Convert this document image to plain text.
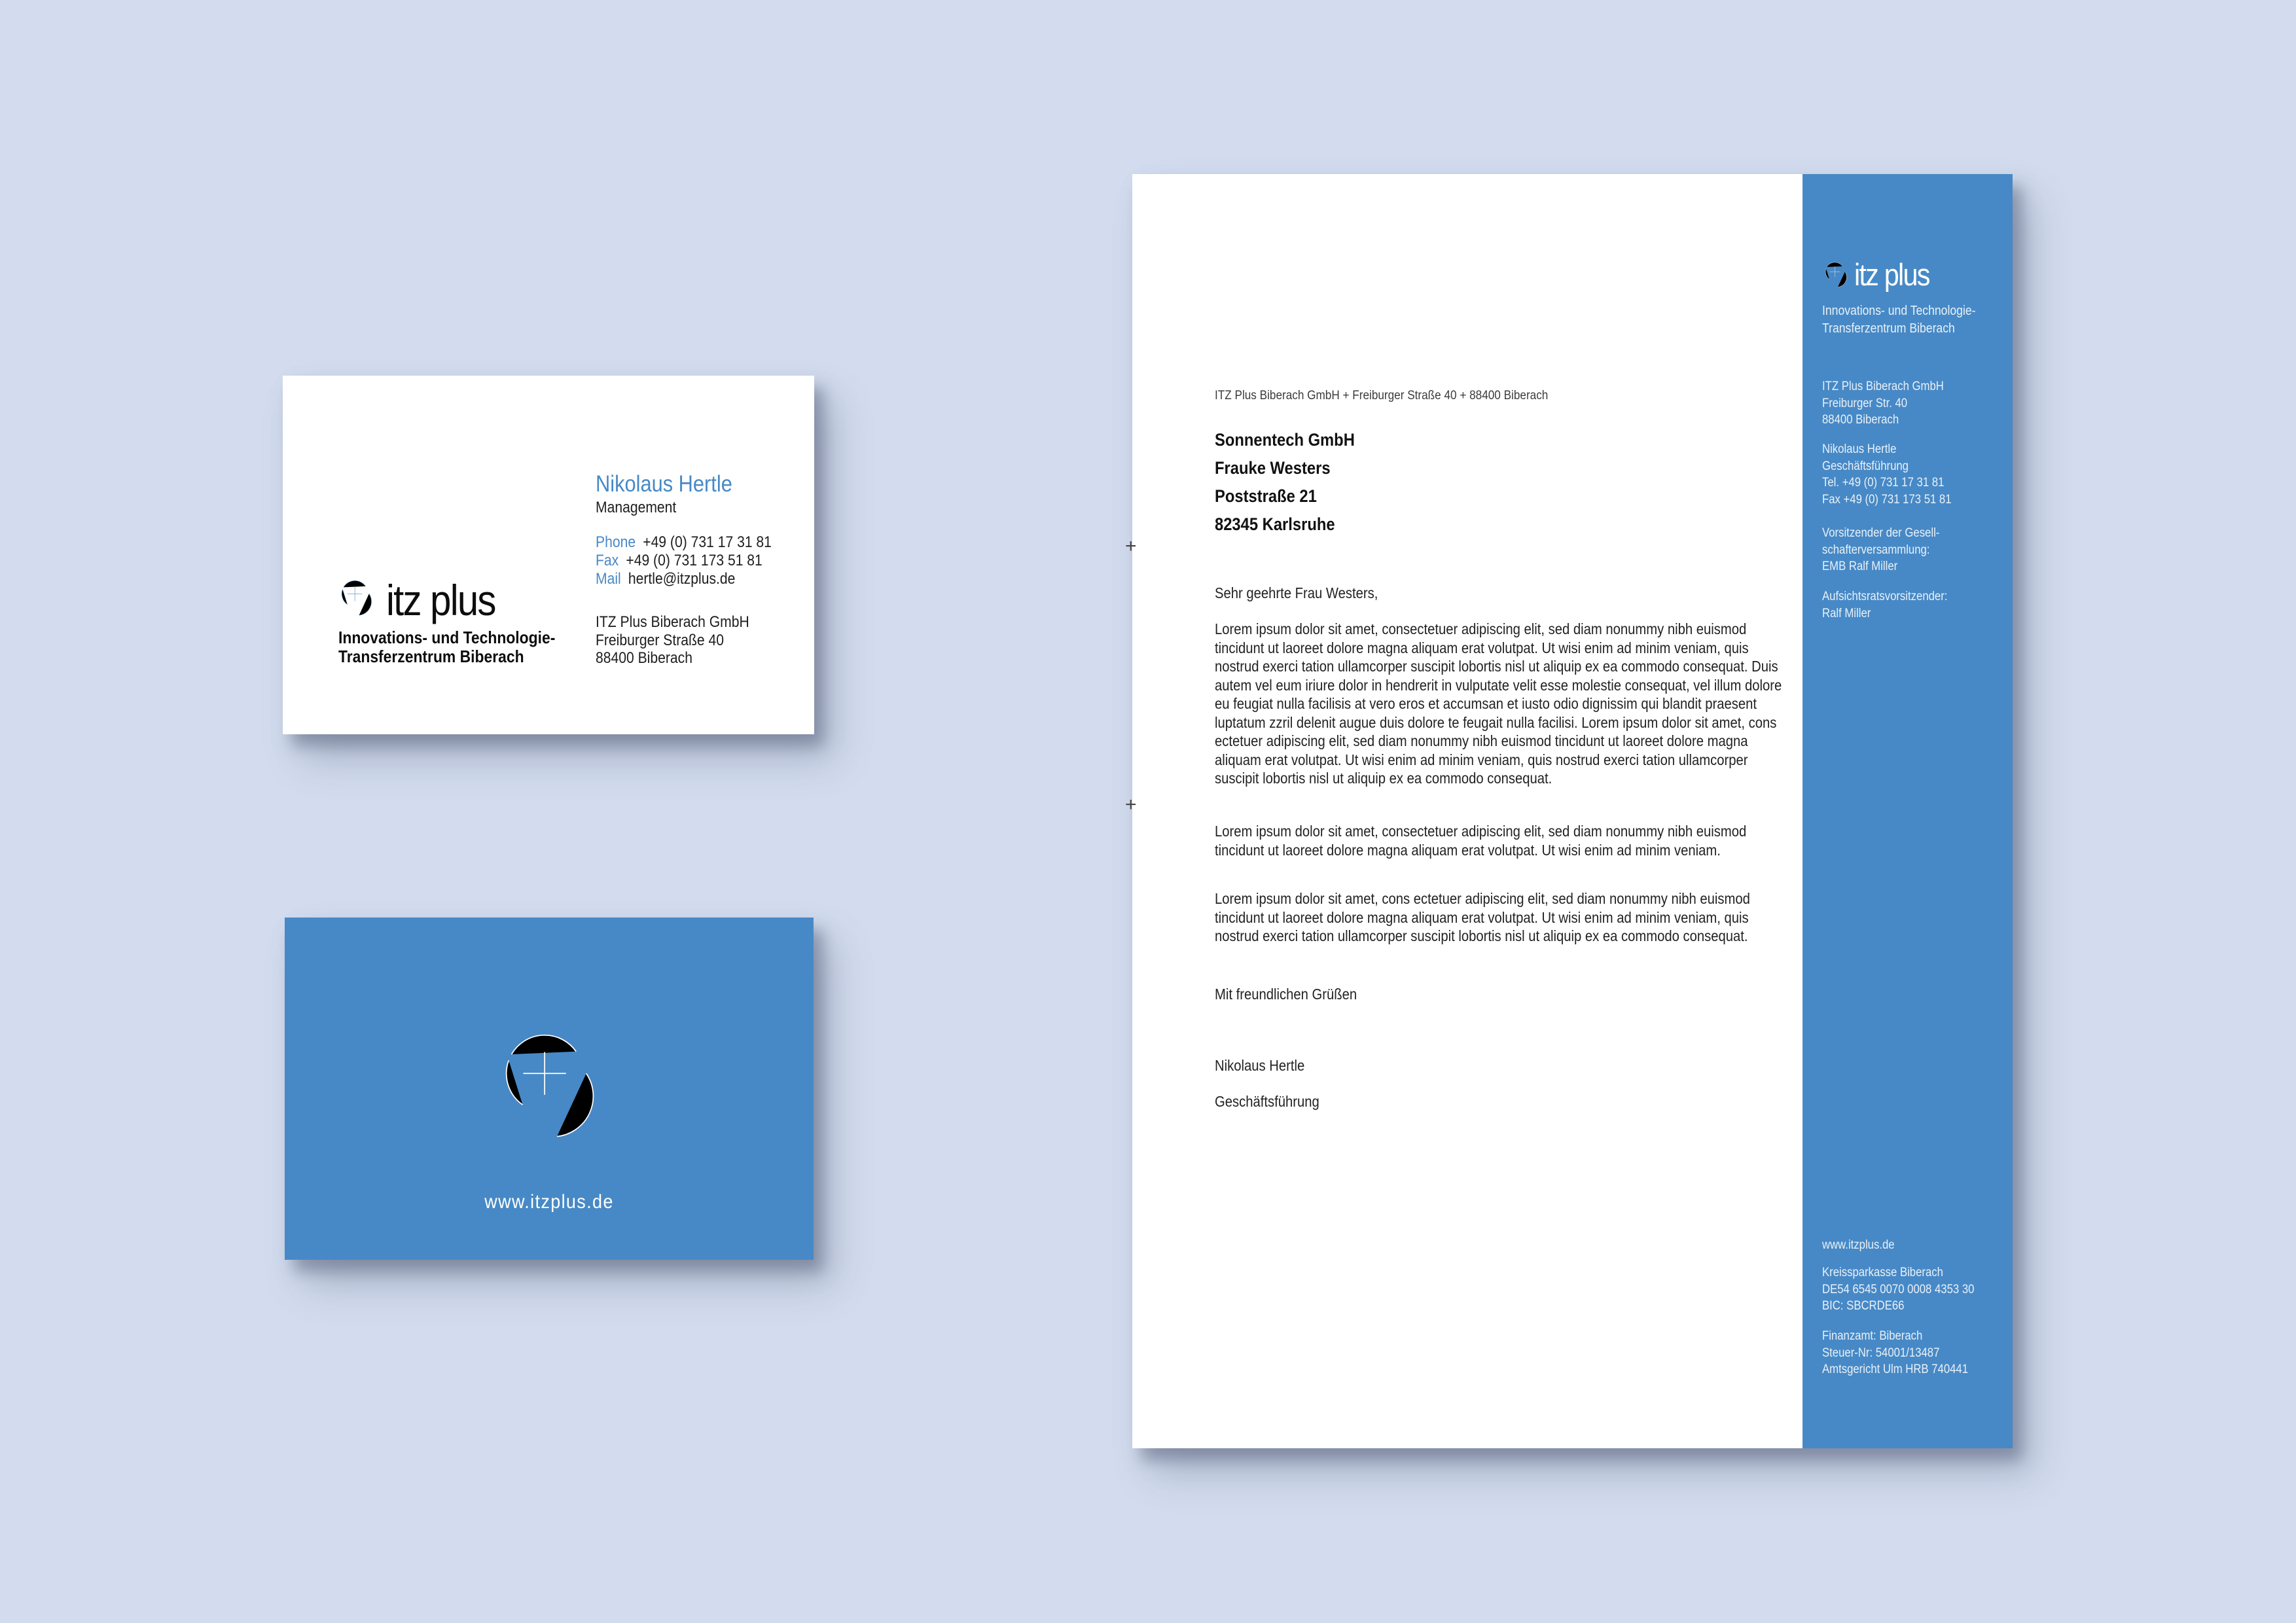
itz plus
Innovations- und Technologie-
Transferzentrum Biberach
Nikolaus Hertle
Management
Phone +49 (0) 731 17 31 81
Fax +49 (0) 731 173 51 81
Mail hertle@itzplus.de
ITZ Plus Biberach GmbH
Freiburger Straße 40
88400 Biberach
www.itzplus.de
+
+
ITZ Plus Biberach GmbH + Freiburger Straße 40 + 88400 Biberach
Sonnentech GmbH
Frauke Westers
Poststraße 21
82345 Karlsruhe
Sehr geehrte Frau Westers,
Lorem ipsum dolor sit amet, consectetuer adipiscing elit, sed diam nonummy nibh euismod tincidunt ut laoreet dolore magna aliquam erat volutpat. Ut wisi enim ad minim veniam, quis nostrud exerci tation ullamcorper suscipit lobortis nisl ut aliquip ex ea commodo consequat. Duis autem vel eum iriure dolor in hendrerit in vulputate velit esse molestie consequat, vel illum dolore eu feugiat nulla facilisis at vero eros et accumsan et iusto odio dignissim qui blandit praesent luptatum zzril delenit augue duis dolore te feugait nulla facilisi. Lorem ipsum dolor sit amet, cons ectetuer adipiscing elit, sed diam nonummy nibh euismod tincidunt ut laoreet dolore magna aliquam erat volutpat. Ut wisi enim ad minim veniam, quis nostrud exerci tation ullamcorper suscipit lobortis nisl ut aliquip ex ea commodo consequat.
Lorem ipsum dolor sit amet, consectetuer adipiscing elit, sed diam nonummy nibh euismod tincidunt ut laoreet dolore magna aliquam erat volutpat. Ut wisi enim ad minim veniam.
Lorem ipsum dolor sit amet, cons ectetuer adipiscing elit, sed diam nonummy nibh euismod tincidunt ut laoreet dolore magna aliquam erat volutpat. Ut wisi enim ad minim veniam, quis nostrud exerci tation ullamcorper suscipit lobortis nisl ut aliquip ex ea commodo consequat.
Mit freundlichen Grüßen
Nikolaus Hertle
Geschäftsführung
itz plus
Innovations- und Technologie-
Transferzentrum Biberach
ITZ Plus Biberach GmbH
Freiburger Str. 40
88400 Biberach
Nikolaus Hertle
Geschäftsführung
Tel. +49 (0) 731 17 31 81
Fax +49 (0) 731 173 51 81
Vorsitzender der Gesell-
schafterversammlung:
EMB Ralf Miller
Aufsichtsratsvorsitzender:
Ralf Miller
www.itzplus.de
Kreissparkasse Biberach
DE54 6545 0070 0008 4353 30
BIC: SBCRDE66
Finanzamt: Biberach
Steuer-Nr: 54001/13487
Amtsgericht Ulm HRB 740441
